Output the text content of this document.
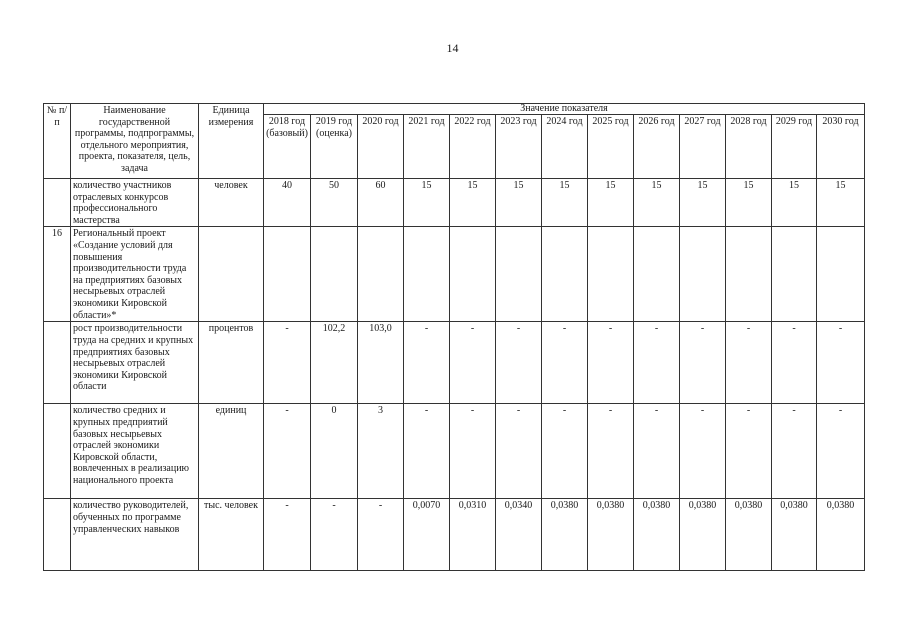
14
№ п/п	Наименование государственной программы, подпрограммы, отдельного мероприятия, проекта, показателя, цель, задача	Единица измерения	Значение показателя												
			2018 год (базовый)	2019 год (оценка)	2020 год	2021 год	2022 год	2023 год	2024 год	2025 год	2026 год	2027 год	2028 год	2029 год	2030 год
	количество участников отраслевых конкурсов профессионального мастерства	человек	40	50	60	15	15	15	15	15	15	15	15	15	15
16	Региональный проект «Создание условий для повышения производительности труда на предприятиях базовых несырьевых отраслей экономики Кировской области»*														
	рост производительности труда на средних и крупных предприятиях базовых несырьевых отраслей экономики Кировской области	процентов	-	102,2	103,0	-	-	-	-	-	-	-	-	-	-
	количество средних и крупных предприятий базовых несырьевых отраслей экономики Кировской области, вовлеченных в реализацию национального проекта	единиц	-	0	3	-	-	-	-	-	-	-	-	-	-
	количество руководителей, обученных по программе управленческих навыков	тыс. человек	-	-	-	0,0070	0,0310	0,0340	0,0380	0,0380	0,0380	0,0380	0,0380	0,0380	0,0380
